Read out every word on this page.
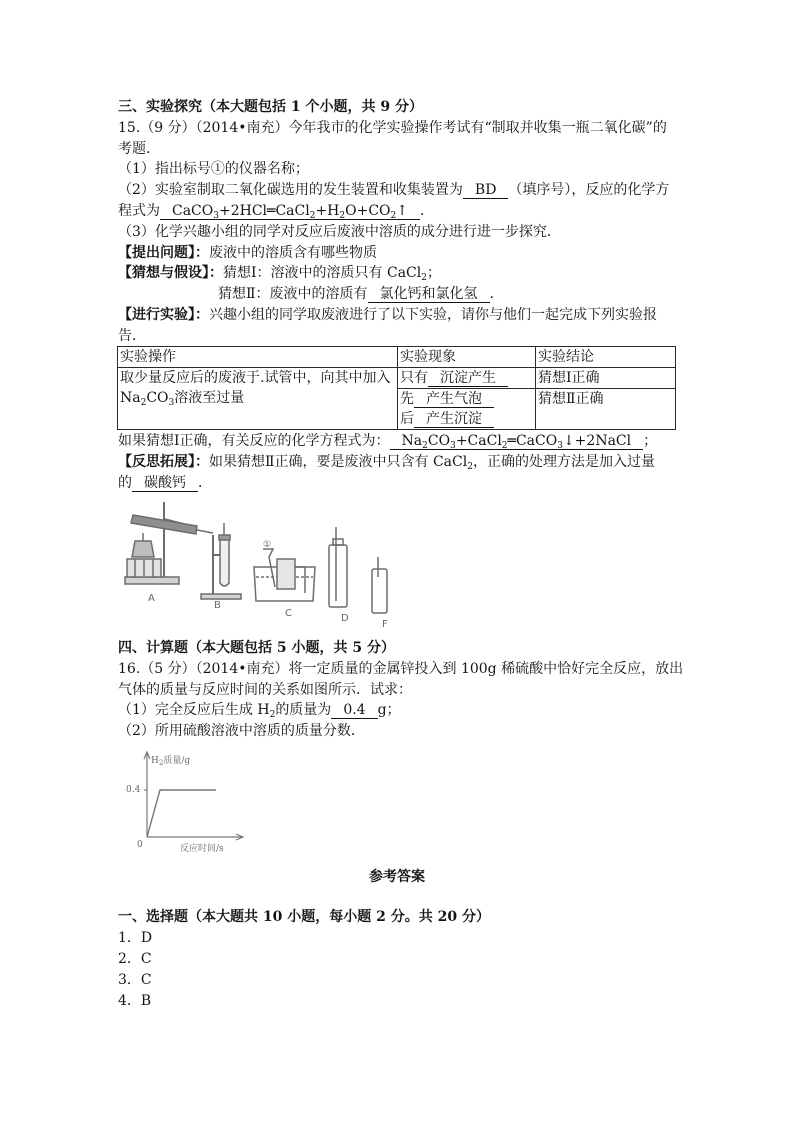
三、实验探究（本大题包括 1 个小题，共 9 分）
15.（9 分）（2014•南充）今年我市的化学实验操作考试有“制取并收集一瓶二氧化碳”的
考题．
（1）指出标号①的仪器名称；
（2）实验室制取二氧化碳选用的发生装置和收集装置为 BD （填序号），反应的化学方
程式为 $CaCO_3+2HCl═CaCl_2+H_2O+CO_2↑$ ．
（3）化学兴趣小组的同学对反应后废液中溶质的成分进行进一步探究．
【提出问题】：废液中的溶质含有哪些物质
【猜想与假设】：猜想Ⅰ：溶液中的溶质只有 CaCl$_2$；
猜想Ⅱ：废液中的溶质有 氯化钙和氯化氢 ．
【进行实验】：兴趣小组的同学取废液进行了以下实验，请你与他们一起完成下列实验报
告．
实验操作	实验现象	实验结论

取少量反应后的废液于.试管中，向其中加入
$Na_2CO_3$溶液至过量	只有 沉淀产生	猜想Ⅰ正确

	先 产生气泡
后 产生沉淀	猜想Ⅱ正确
如果猜想Ⅰ正确，有关反应的化学方程式为： $Na_2CO_3+CaCl_2═CaCO_3↓+2NaCl$ ；
【反思拓展】：如果猜想Ⅱ正确，要是废液中只含有 CaCl$_2$，正确的处理方法是加入过量
的 碳酸钙 ．
A
B
①
C	D
F
四、计算题（本大题包括 5 小题，共 5 分）
16.（5 分）（2014•南充）将一定质量的金属锌投入到 100g 稀硫酸中恰好完全反应，放出
气体的质量与反应时间的关系如图所示．试求：
（1）完全反应后生成 $H_2$的质量为 0.4 g；
（2）所用硫酸溶液中溶质的质量分数．
$H_2$质量/g
0.4
0	反应时间/s
参考答案
一、选择题（本大题共 10 小题，每小题 2 分。共 20 分）
1．D
2．C
3．C
4．B
